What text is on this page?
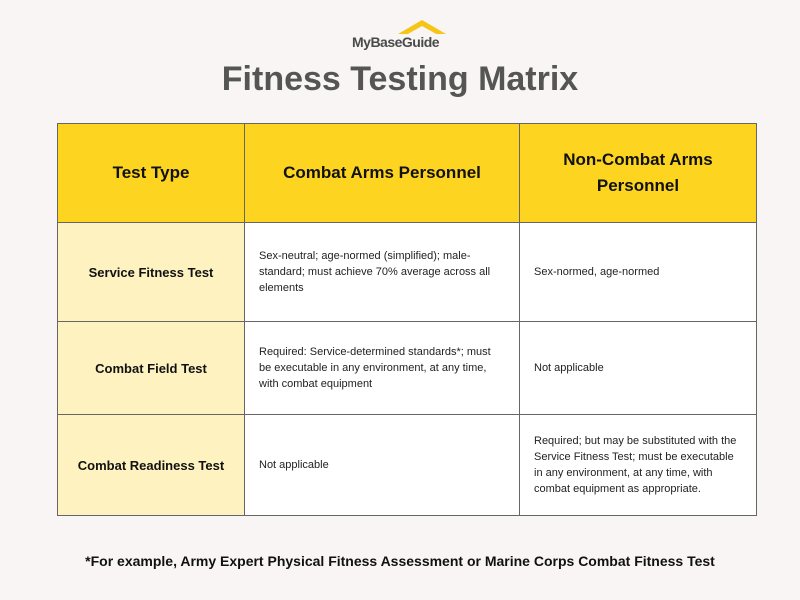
MyBaseGuide
Fitness Testing Matrix
Test Type	Combat Arms Personnel	Non-Combat Arms Personnel

Service Fitness Test	Sex-neutral; age-normed (simplified); male-standard; must achieve 70% average across all elements	Sex-normed, age-normed
Combat Field Test	Required: Service-determined standards*; must be executable in any environment, at any time, with combat equipment	Not applicable
Combat Readiness Test	Not applicable	Required; but may be substituted with the Service Fitness Test; must be executable in any environment, at any time, with combat equipment as appropriate.
*For example, Army Expert Physical Fitness Assessment or Marine Corps Combat Fitness Test
